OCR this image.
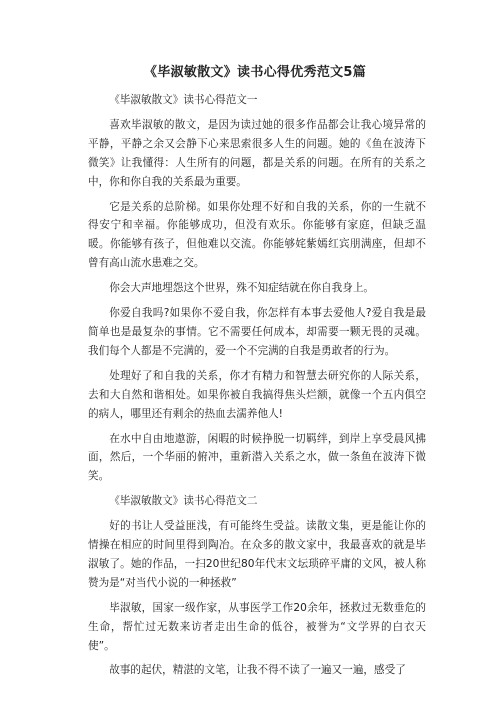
《毕淑敏散文》读书心得优秀范文5篇

《毕淑敏散文》读书心得范文一

喜欢毕淑敏的散文，是因为读过她的很多作品都会让我心境异常的平静，平静之余又会静下心来思索很多人生的问题。她的《鱼在波涛下微笑》让我懂得：人生所有的问题，都是关系的问题。在所有的关系之中，你和你自我的关系最为重要。

它是关系的总阶梯。如果你处理不好和自我的关系，你的一生就不得安宁和幸福。你能够成功，但没有欢乐。你能够有家庭，但缺乏温暖。你能够有孩子，但他难以交流。你能够姹紫嫣红宾朋满座，但却不曾有高山流水患难之交。

你会大声地埋怨这个世界，殊不知症结就在你自我身上。

你爱自我吗?如果你不爱自我，你怎样有本事去爱他人?爱自我是最简单也是最复杂的事情。它不需要任何成本，却需要一颗无畏的灵魂。我们每个人都是不完满的，爱一个不完满的自我是勇敢者的行为。

处理好了和自我的关系，你才有精力和智慧去研究你的人际关系，去和大自然和谐相处。如果你被自我搞得焦头烂额，就像一个五内俱空的病人，哪里还有剩余的热血去濡养他人!

在水中自由地遨游，闲暇的时候挣脱一切羁绊，到岸上享受晨风拂面，然后，一个华丽的俯冲，重新潜入关系之水，做一条鱼在波涛下微笑。

《毕淑敏散文》读书心得范文二

好的书让人受益匪浅，有可能终生受益。读散文集，更是能让你的情操在相应的时间里得到陶冶。在众多的散文家中，我最喜欢的就是毕淑敏了。她的作品，一扫20世纪80年代末文坛琐碎平庸的文风，被人称赞为是“对当代小说的一种拯救”

毕淑敏，国家一级作家，从事医学工作20余年，拯救过无数垂危的生命，帮忙过无数来访者走出生命的低谷，被誉为“文学界的白衣天使”。

故事的起伏，精湛的文笔，让我不得不读了一遍又一遍，感受了
